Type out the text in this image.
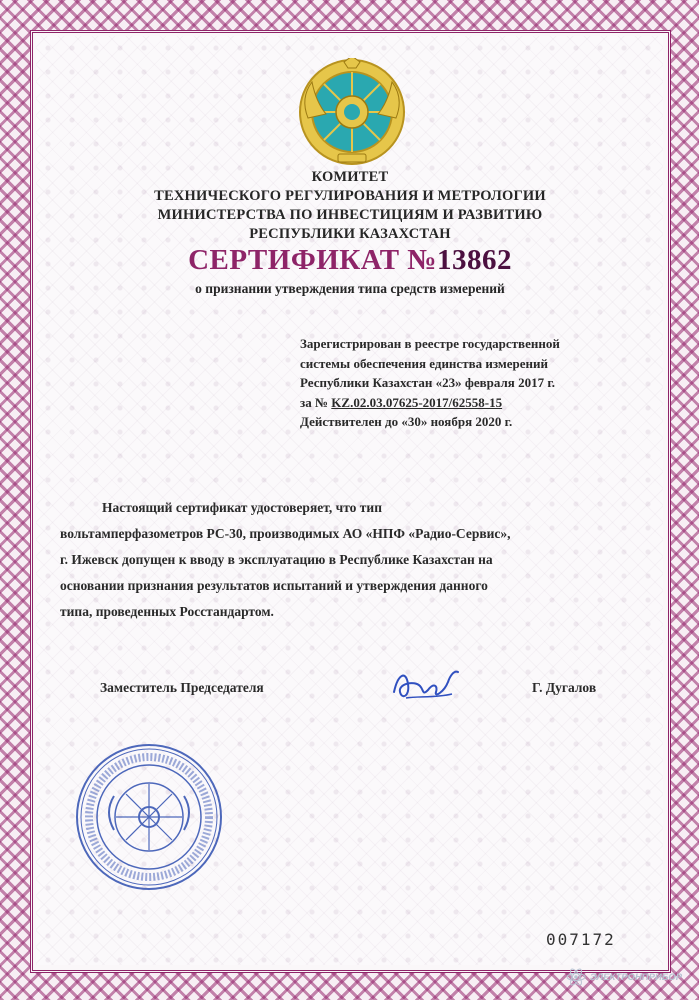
КОМИТЕТ
ТЕХНИЧЕСКОГО РЕГУЛИРОВАНИЯ И МЕТРОЛОГИИ
МИНИСТЕРСТВА ПО ИНВЕСТИЦИЯМ И РАЗВИТИЮ
РЕСПУБЛИКИ КАЗАХСТАН
СЕРТИФИКАТ №13862
о признании утверждения типа средств измерений
Зарегистрирован в реестре государственной
системы обеспечения единства измерений
Республики Казахстан «23» февраля 2017 г.
за № KZ.02.03.07625-2017/62558-15
Действителен до «30» ноября 2020 г.
Настоящий сертификат удостоверяет, что тип
вольтамперфазометров РС-30, производимых АО «НПФ «Радио-Сервис»,
г. Ижевск допущен к вводу в эксплуатацию в Республике Казахстан на
основании признания результатов испытаний и утверждения данного
типа, проведенных Росстандартом.
Заместитель Председателя	Г. Дугалов
007172
ЭЛЕКТРОНПРИБОР
